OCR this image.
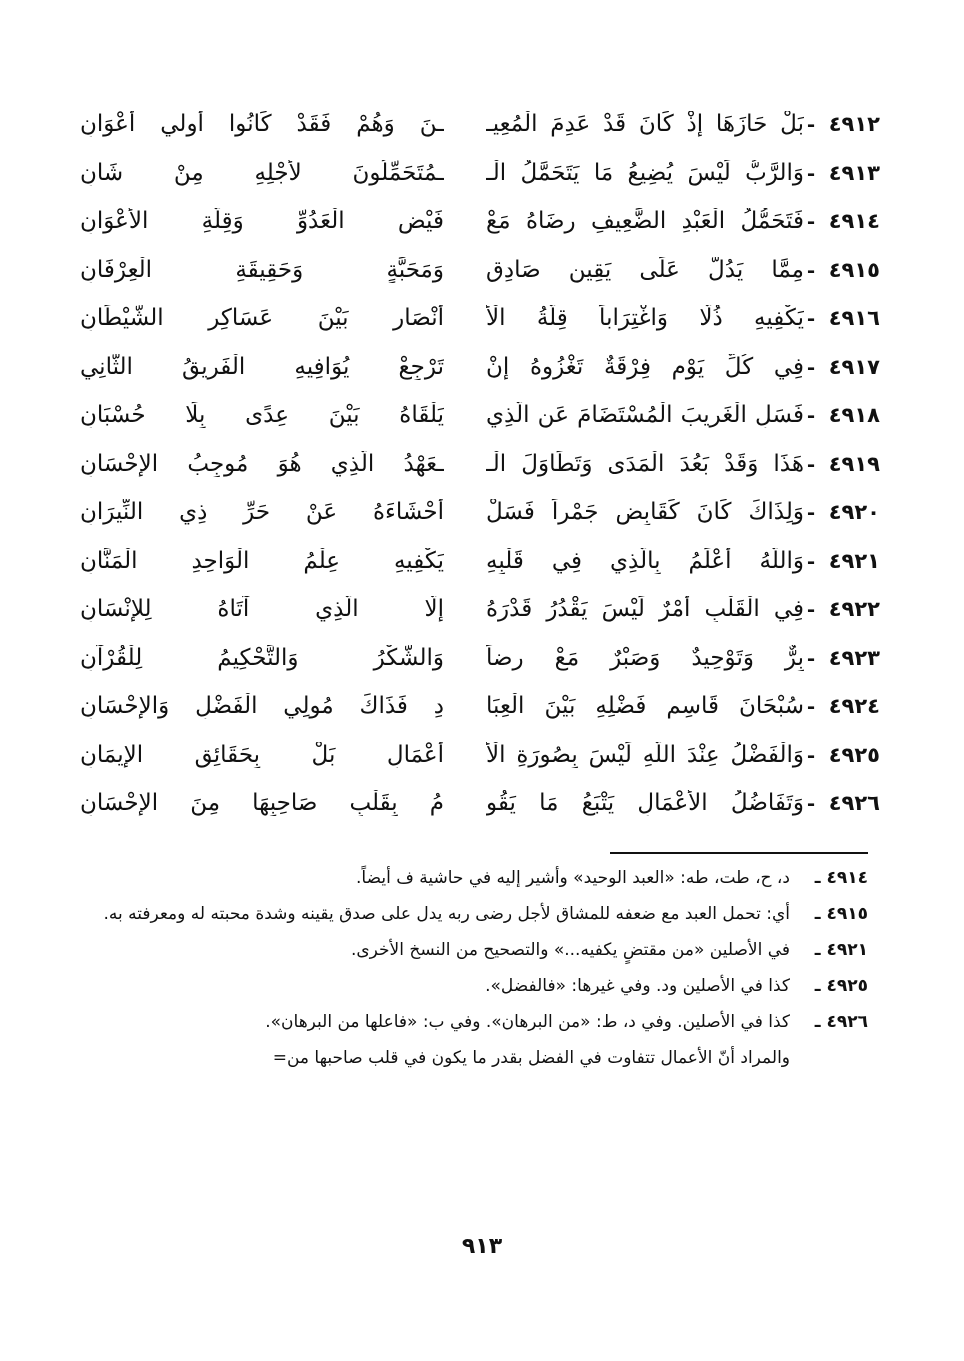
٤٩١٢
-
بَلْ حَازَهَا إِذْ كَانَ قَدْ عَدِمَ الْمُعِيـ
ـنَ وَهُمْ فَقَدْ كَانُوا أُولي أَعْوَانِ
٤٩١٣
-
وَالرَّبُّ لَيْسَ يُضِيعُ مَا يَتَحَمَّلُ الْـ
ـمُتَحَمِّلُونَ لأجْلِهِ مِنْ شَانِ
٤٩١٤
-
فَتَحَمُّلُ الْعَبْدِ الضَّعِيفِ رِضَاهُ مَعْ
فَيْضِ الْعَدُوِّ وَقِلَّةِ الأعْوَانِ
٤٩١٥
-
مِمَّا يَدُلُّ عَلَى يَقِينٍ صَادِقٍ
وَمَحَبَّةٍ وَحَقِيقَةِ الْعِرْفَانِ
٤٩١٦
-
يَكْفِيهِ ذُلًّا وَاغْتِرَاباً قِلَّةُ الْأَ
أَنْصَارِ بَيْنَ عَسَاكِرِ الشَّيْطَانِ
٤٩١٧
-
فِي كُلِّ يَوْمٍ فِرْقَةٌ تَغْزُوهُ إِنْ
تَرْجِعْ يُوَافِيهِ الْفَرِيقُ الثَّانِي
٤٩١٨
-
فَسَلِ الْغَرِيبَ الْمُسْتَضَامَ عَنِ الَّذِي
يَلْقَاهُ بَيْنَ عِدًى بِلَا حُسْبَانِ
٤٩١٩
-
هَذَا وَقَدْ بَعُدَ الْمَدَى وَتَطَاوَلَ الْـ
ـعَهْدُ الَّذِي هُوَ مُوجِبُ الإحْسَانِ
٤٩٢٠
-
وَلِذَاكَ كَانَ كَقَابِضٍ جَمْراً فَسَلْ
أَحْشَاءَهُ عَنْ حَرِّ ذِي النِّيرَانِ
٤٩٢١
-
وَاللَّهُ أَعْلَمُ بِالَّذِي فِي قَلْبِهِ
يَكْفِيهِ عِلْمُ الْوَاحِدِ الْمَنَّانِ
٤٩٢٢
-
فِي الْقَلْبِ أَمْرٌ لَيْسَ يَقْدُرُ قَدْرَهُ
إِلَّا الَّذِي آتَاهُ لِلإنْسَانِ
٤٩٢٣
-
بِرٌّ وَتَوْحِيدٌ وَصَبْرٌ مَعْ رِضاً
وَالشُّكْرُ وَالتَّحْكِيمُ لِلْقُرْآنِ
٤٩٢٤
-
سُبْحَانَ قَاسِمِ فَضْلِهِ بَيْنَ الْعِبَا
دِ فَذَاكَ مُولِي الْفَضْلِ وَالإحْسَانِ
٤٩٢٥
-
وَالْفَضْلُ عِنْدَ اللَّهِ لَيْسَ بِصُورَةِ الْأَ
أَعْمَالِ بَلْ بِحَقَائِقِ الإيمَانِ
٤٩٢٦
-
وَتَفَاضُلُ الأعْمَالِ يَتْبَعُ مَا يَقُو
مُ بِقَلْبِ صَاحِبِهَا مِنَ الإحْسَانِ
٤٩١٤ ـ
د، ح، طت، طه: «العبد الوحيد» وأشير إليه في حاشية ف أيضاً.
٤٩١٥ ـ
أي: تحمل العبد مع ضعفه للمشاق لأجل رضى ربه يدل على صدق يقينه وشدة محبته له ومعرفته به.
٤٩٢١ ـ
في الأصلين «من مقتضٍ يكفيه...» والتصحيح من النسخ الأخرى.
٤٩٢٥ ـ
كذا في الأصلين ود. وفي غيرها: «فالفضل».
٤٩٢٦ ـ
كذا في الأصلين. وفي د، ط: «من البرهان». وفي ب: «فاعلها من البرهان».
والمراد أنّ الأعمال تتفاوت في الفضل بقدر ما يكون في قلب صاحبها من=
٩١٣
